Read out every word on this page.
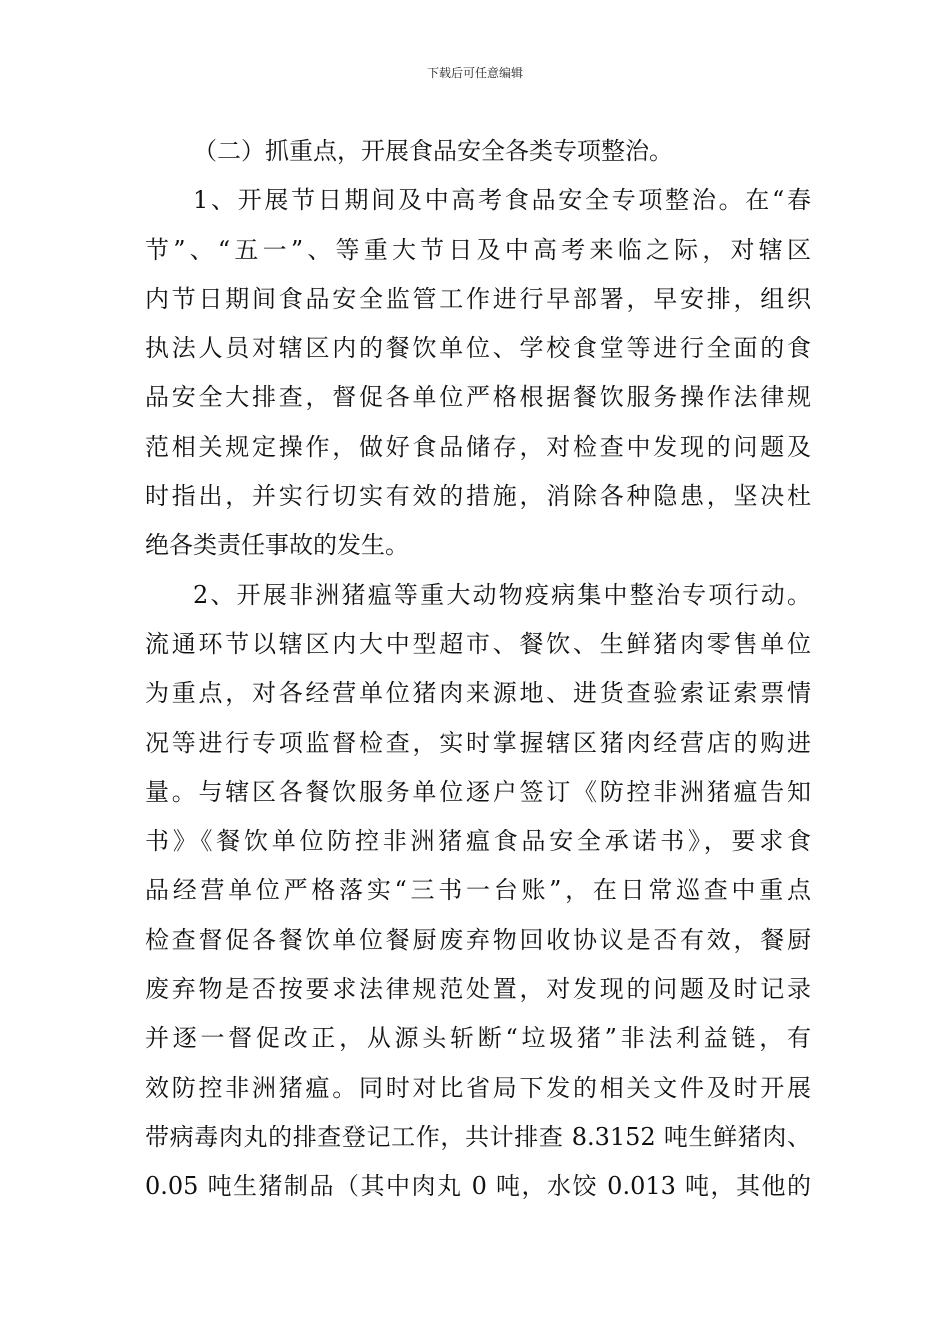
下载后可任意编辑
（二）抓重点，开展食品安全各类专项整治。
1、开展节日期间及中高考食品安全专项整治。在“春
节”、“五一”、等重大节日及中高考来临之际，对辖区
内节日期间食品安全监管工作进行早部署，早安排，组织
执法人员对辖区内的餐饮单位、学校食堂等进行全面的食
品安全大排查，督促各单位严格根据餐饮服务操作法律规
范相关规定操作，做好食品储存，对检查中发现的问题及
时指出，并实行切实有效的措施，消除各种隐患，坚决杜
绝各类责任事故的发生。
2、开展非洲猪瘟等重大动物疫病集中整治专项行动。
流通环节以辖区内大中型超市、餐饮、生鲜猪肉零售单位
为重点，对各经营单位猪肉来源地、进货查验索证索票情
况等进行专项监督检查，实时掌握辖区猪肉经营店的购进
量。与辖区各餐饮服务单位逐户签订《防控非洲猪瘟告知
书》《餐饮单位防控非洲猪瘟食品安全承诺书》，要求食
品经营单位严格落实“三书一台账”，在日常巡查中重点
检查督促各餐饮单位餐厨废弃物回收协议是否有效，餐厨
废弃物是否按要求法律规范处置，对发现的问题及时记录
并逐一督促改正，从源头斩断“垃圾猪”非法利益链，有
效防控非洲猪瘟。同时对比省局下发的相关文件及时开展
带病毒肉丸的排查登记工作，共计排查 8.3152 吨生鲜猪肉、
0.05 吨生猪制品（其中肉丸 0 吨，水饺 0.013 吨，其他的
